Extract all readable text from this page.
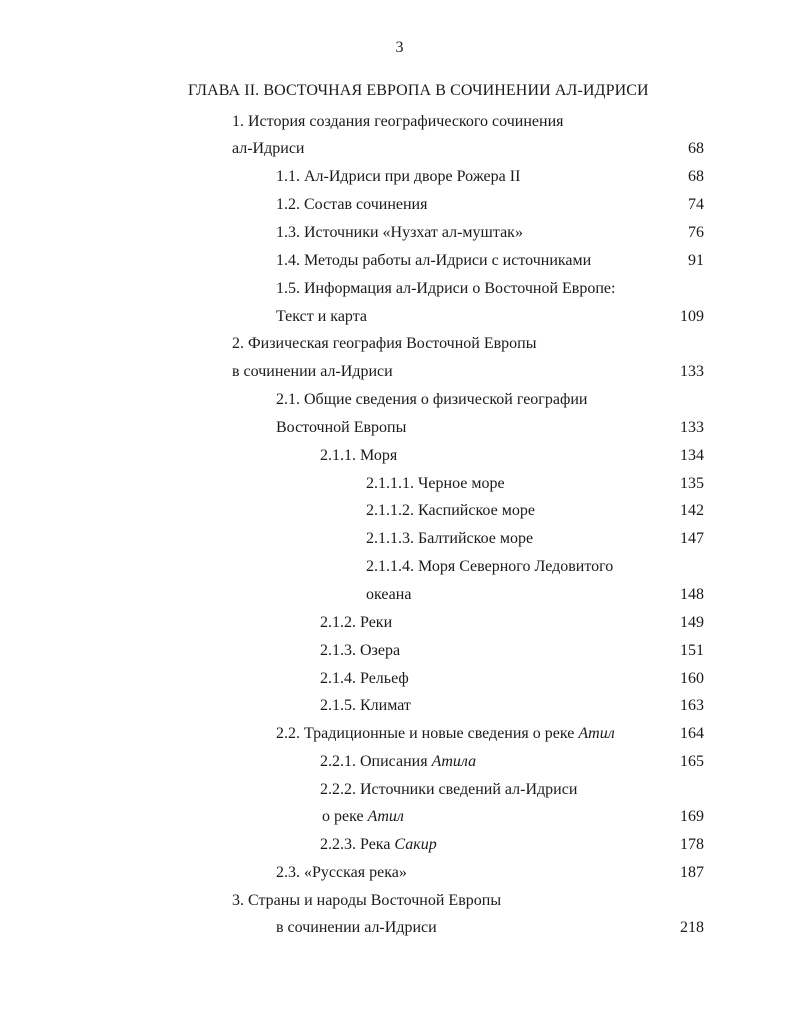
3
ГЛАВА II. ВОСТОЧНАЯ ЕВРОПА В СОЧИНЕНИИ АЛ-ИДРИСИ
1. История создания географического сочинения
ал-Идриси	68
1.1. Ал-Идриси при дворе Рожера II	68
1.2. Состав сочинения	74
1.3. Источники «Нузхат ал-муштак»	76
1.4. Методы работы ал-Идриси с источниками	91
1.5. Информация ал-Идриси о Восточной Европе:
Текст и карта	109
2. Физическая география Восточной Европы
в сочинении ал-Идриси	133
2.1. Общие сведения о физической географии
Восточной Европы	133
2.1.1. Моря	134
2.1.1.1. Черное море	135
2.1.1.2. Каспийское море	142
2.1.1.3. Балтийское море	147
2.1.1.4. Моря Северного Ледовитого
океана	148
2.1.2. Реки	149
2.1.3. Озера	151
2.1.4. Рельеф	160
2.1.5. Климат	163
2.2. Традиционные и новые сведения о реке Атил	164
2.2.1. Описания Атила	165
2.2.2. Источники сведений ал-Идриси
о реке Атил	169
2.2.3. Река Сакир	178
2.3. «Русская река»	187
3. Страны и народы Восточной Европы
в сочинении ал-Идриси	218
